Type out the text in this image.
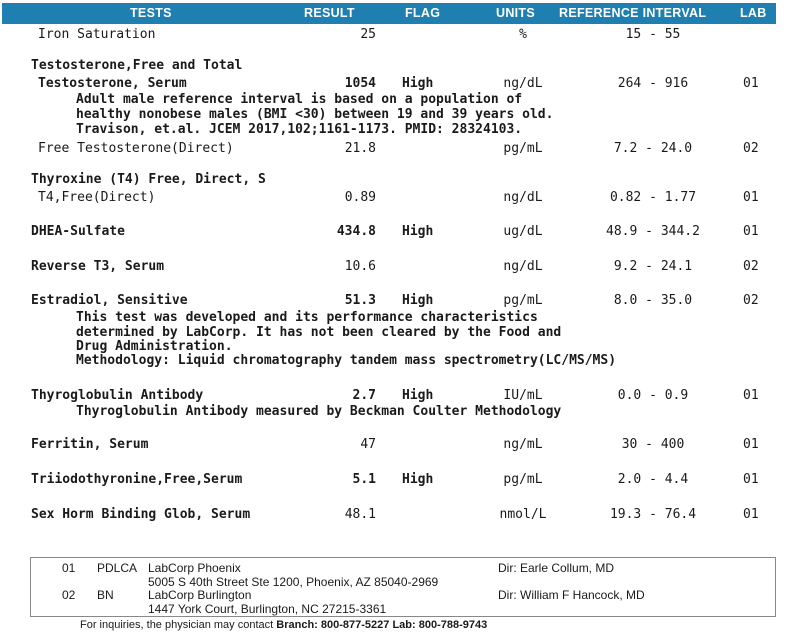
TESTS	RESULT	FLAG	UNITS REFERENCE INTERVAL	LAB
Iron Saturation	25	%	15 - 55
Testosterone,Free and Total
Testosterone, Serum	1054 High	ng/dL	264 - 916	01
Adult male reference interval is based on a population of
healthy nonobese males (BMI <30) between 19 and 39 years old.
Travison, et.al. JCEM 2017,102;1161-1173. PMID: 28324103.
Free Testosterone(Direct)	21.8	pg/mL	7.2 - 24.0	02
Thyroxine (T4) Free, Direct, S
T4,Free(Direct)	0.89	ng/dL	0.82 - 1.77	01
DHEA-Sulfate	434.8 High	ug/dL	48.9 - 344.2	01
Reverse T3, Serum	10.6	ng/dL	9.2 - 24.1	02
Estradiol, Sensitive	51.3 High	pg/mL	8.0 - 35.0	02
This test was developed and its performance characteristics
determined by LabCorp. It has not been cleared by the Food and
Drug Administration.
Methodology: Liquid chromatography tandem mass spectrometry(LC/MS/MS)
Thyroglobulin Antibody	2.7 High	IU/mL	0.0 - 0.9	01
Thyroglobulin Antibody measured by Beckman Coulter Methodology
Ferritin, Serum	47	ng/mL	30 - 400	01
Triiodothyronine,Free,Serum	5.1 High	pg/mL	2.0 - 4.4	01
Sex Horm Binding Glob, Serum	48.1	nmol/L	19.3 - 76.4	01
01 PDLCA LabCorp Phoenix
5005 S 40th Street Ste 1200, Phoenix, AZ 85040-2969
Dir: Earle Collum, MD
02 BN	LabCorp Burlington
1447 York Court, Burlington, NC 27215-3361
Dir: William F Hancock, MD
For inquiries, the physician may contact Branch: 800-877-5227 Lab: 800-788-9743
